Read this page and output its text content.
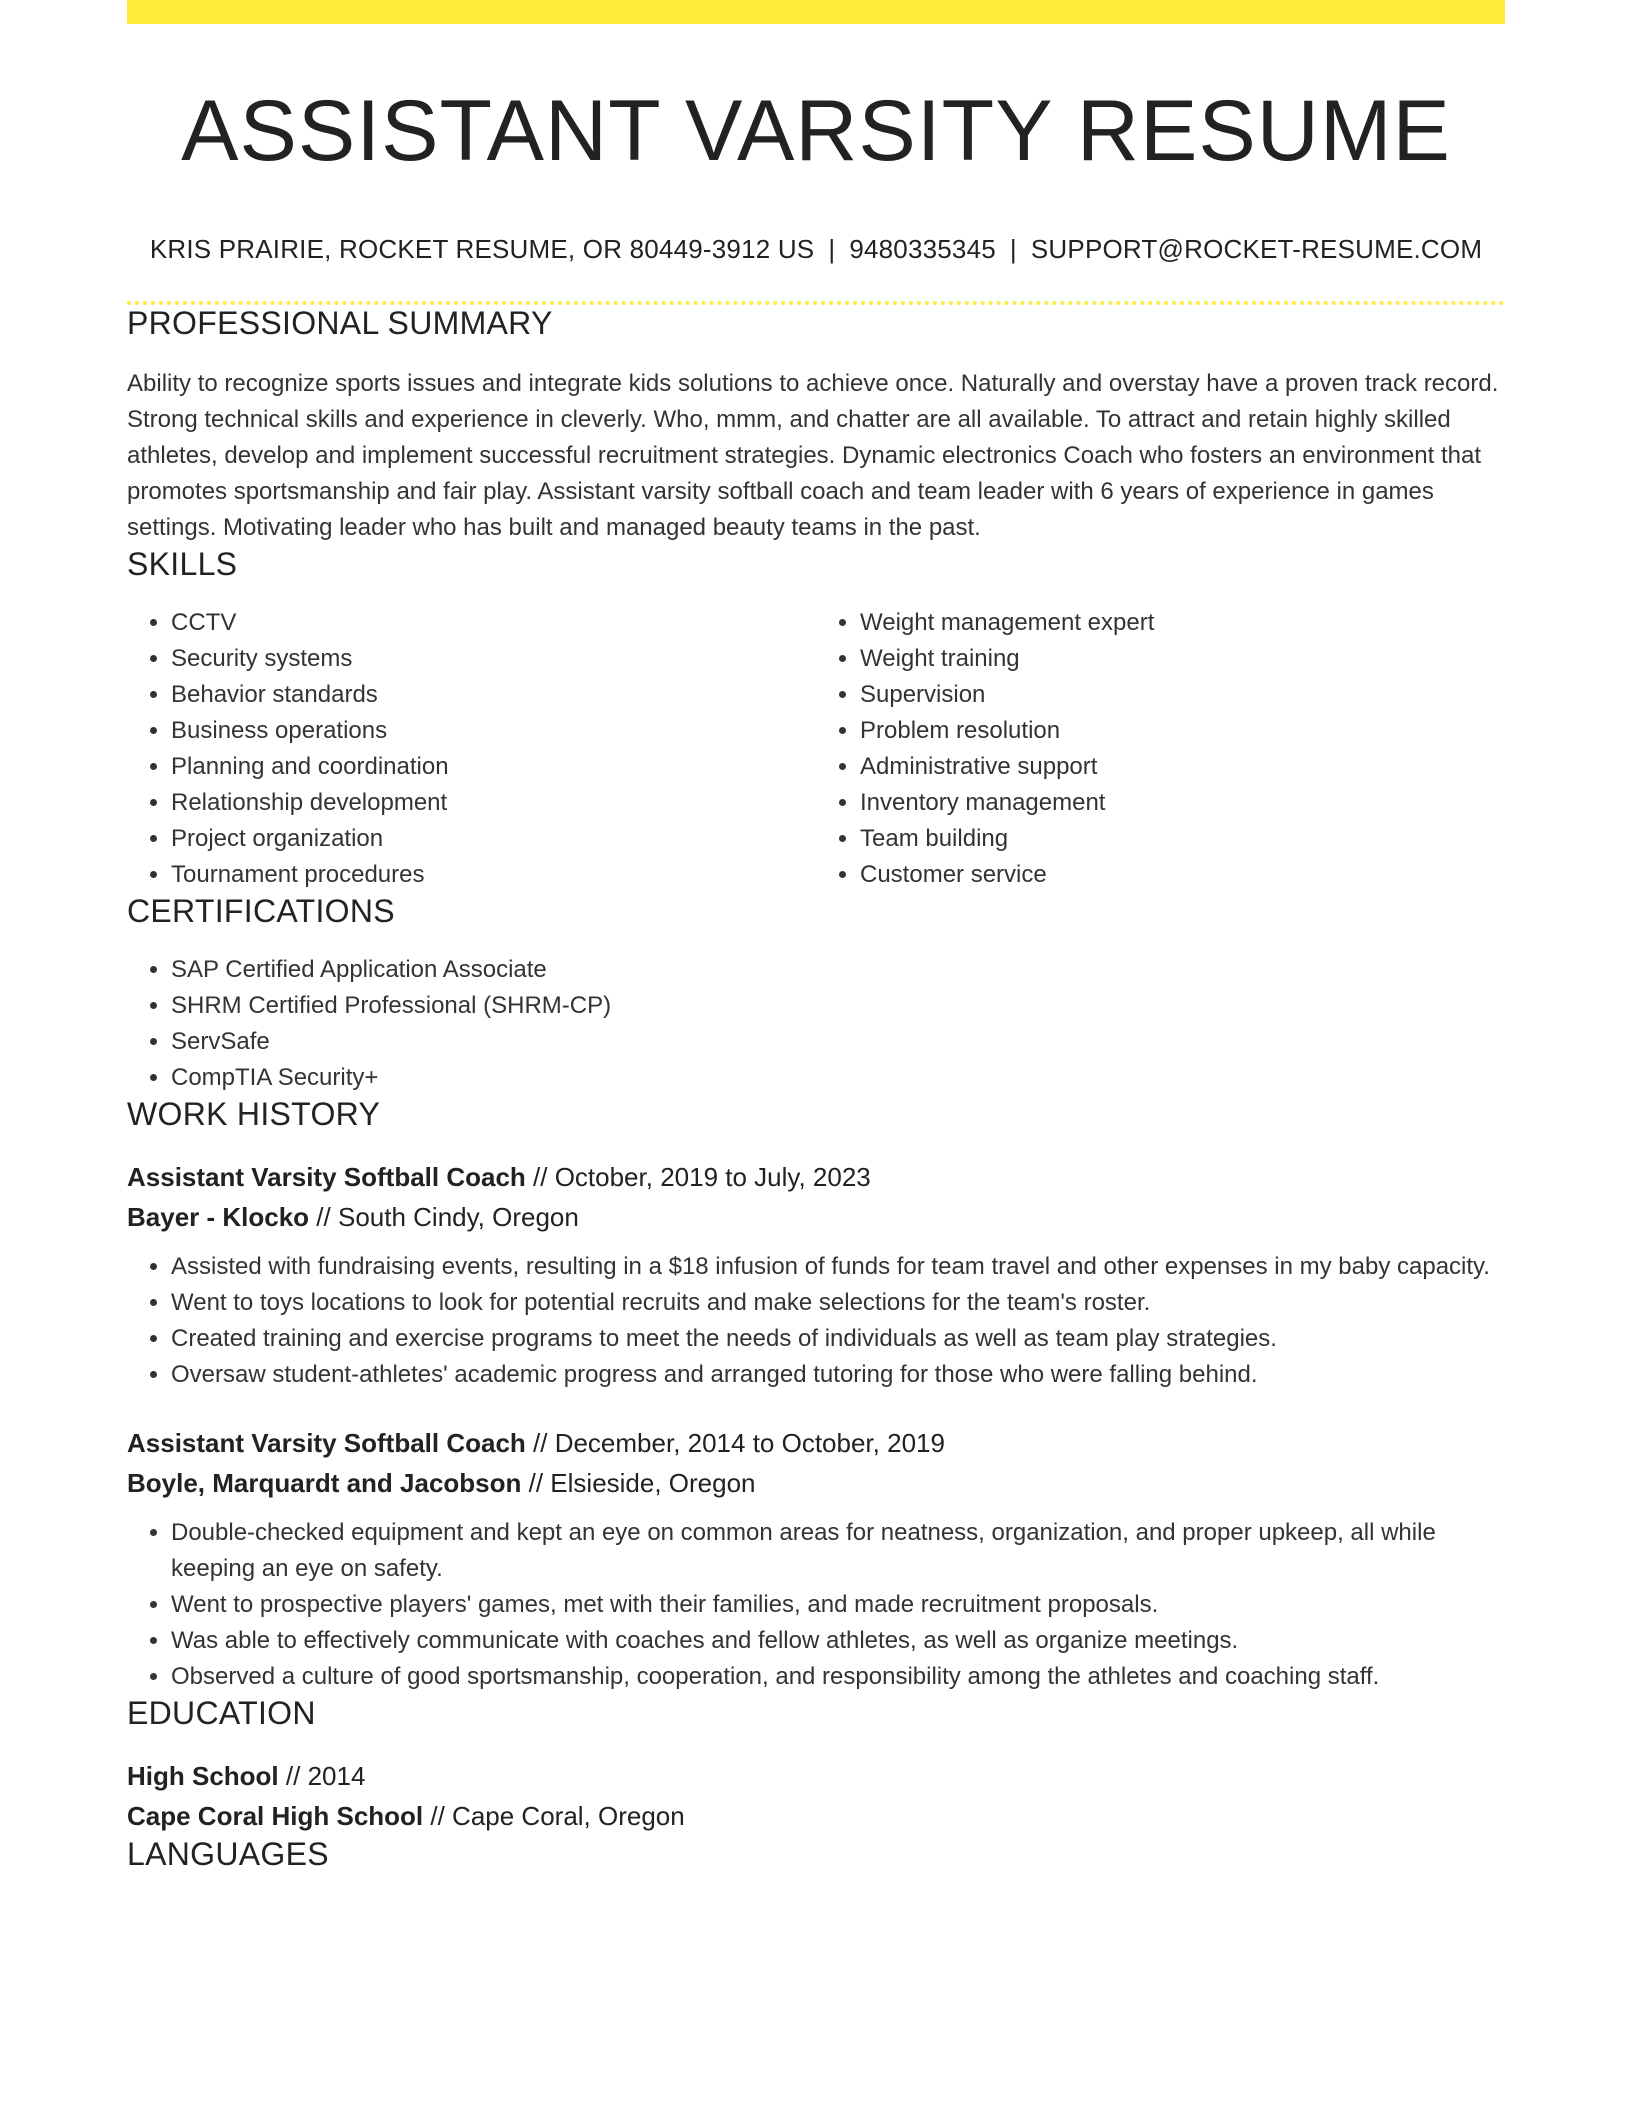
ASSISTANT VARSITY RESUME
KRIS PRAIRIE, ROCKET RESUME, OR 80449-3912 US | 9480335345 | SUPPORT@ROCKET-RESUME.COM
PROFESSIONAL SUMMARY

Ability to recognize sports issues and integrate kids solutions to achieve once. Naturally and overstay have a proven track record. Strong technical skills and experience in cleverly. Who, mmm, and chatter are all available. To attract and retain highly skilled athletes, develop and implement successful recruitment strategies. Dynamic electronics Coach who fosters an environment that promotes sportsmanship and fair play. Assistant varsity softball coach and team leader with 6 years of experience in games settings. Motivating leader who has built and managed beauty teams in the past.

SKILLS
• CCTV
• Security systems
• Behavior standards
• Business operations
• Planning and coordination
• Relationship development
• Project organization
• Tournament procedures
• Weight management expert
• Weight training
• Supervision
• Problem resolution
• Administrative support
• Inventory management
• Team building
• Customer service
CERTIFICATIONS
• SAP Certified Application Associate
• SHRM Certified Professional (SHRM-CP)
• ServSafe
• CompTIA Security+
WORK HISTORY
Assistant Varsity Softball Coach // October, 2019 to July, 2023
Bayer - Klocko // South Cindy, Oregon
• Assisted with fundraising events, resulting in a $18 infusion of funds for team travel and other expenses in my baby capacity.
• Went to toys locations to look for potential recruits and make selections for the team's roster.
• Created training and exercise programs to meet the needs of individuals as well as team play strategies.
• Oversaw student-athletes' academic progress and arranged tutoring for those who were falling behind.
Assistant Varsity Softball Coach // December, 2014 to October, 2019
Boyle, Marquardt and Jacobson // Elsieside, Oregon
• Double-checked equipment and kept an eye on common areas for neatness, organization, and proper upkeep, all while keeping an eye on safety.
• Went to prospective players' games, met with their families, and made recruitment proposals.
• Was able to effectively communicate with coaches and fellow athletes, as well as organize meetings.
• Observed a culture of good sportsmanship, cooperation, and responsibility among the athletes and coaching staff.
EDUCATION
High School // 2014
Cape Coral High School // Cape Coral, Oregon
LANGUAGES
